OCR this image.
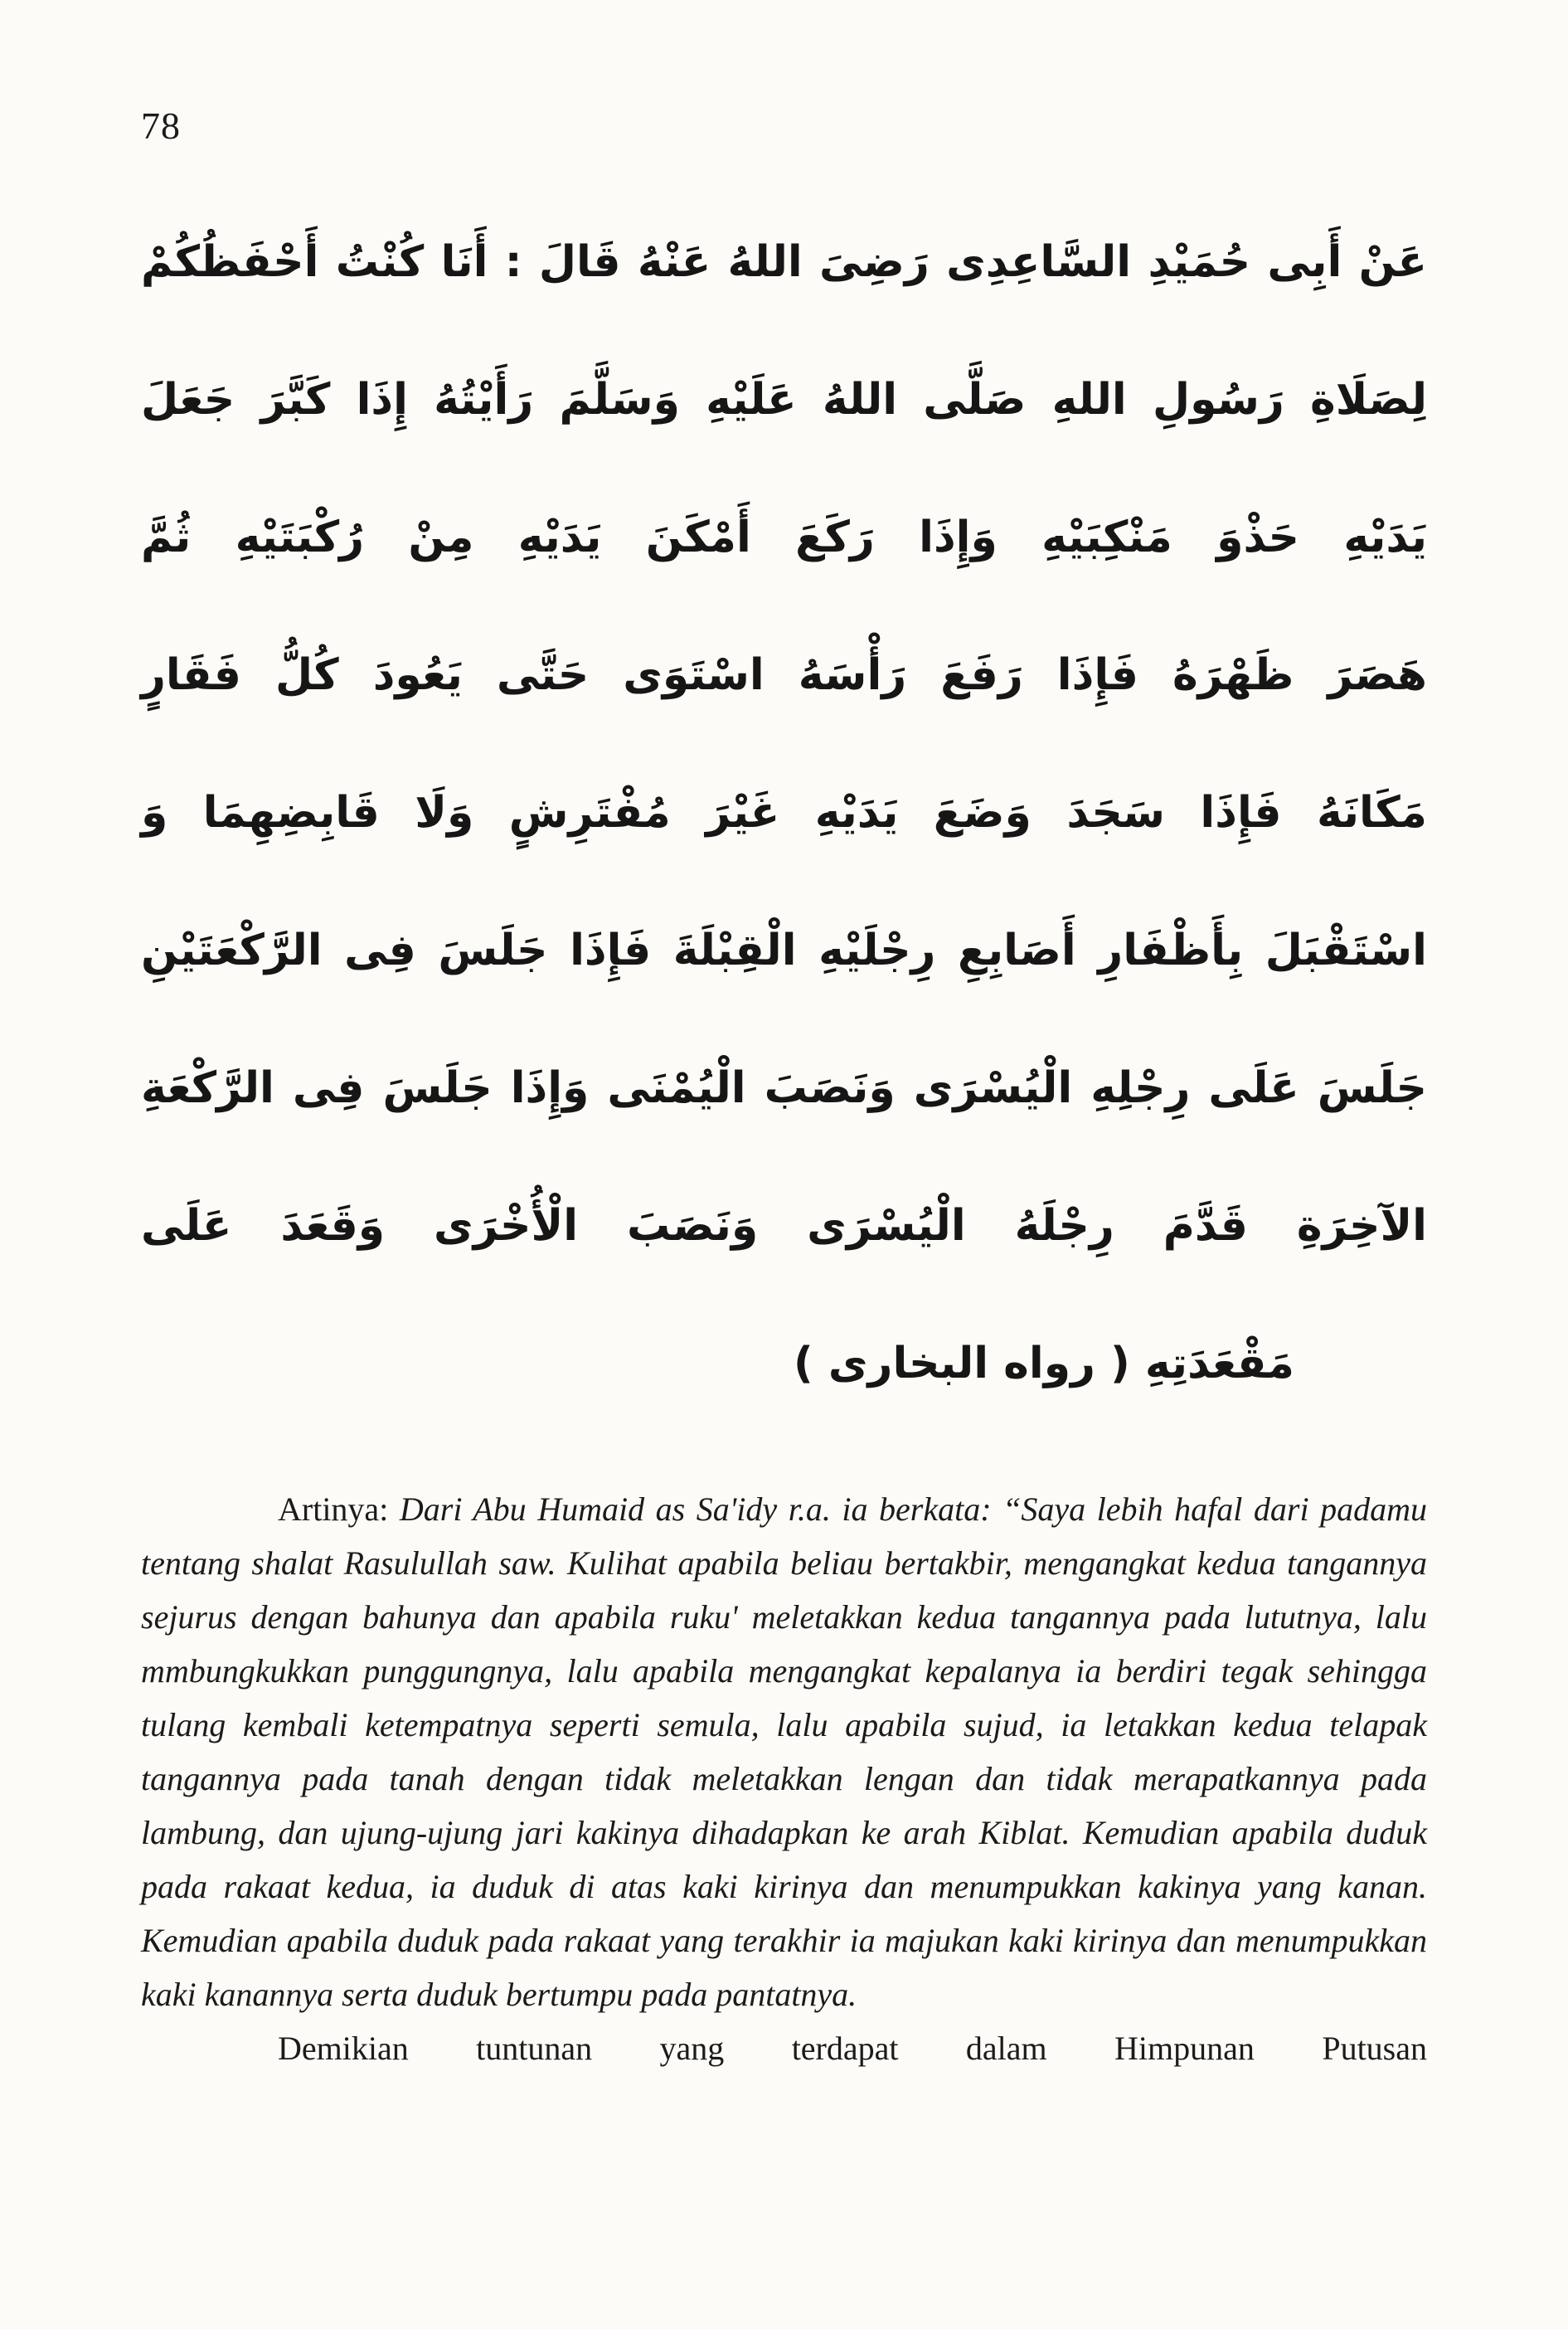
78
عَنْ أَبِى حُمَيْدِ السَّاعِدِى رَضِىَ اللهُ عَنْهُ قَالَ : أَنَا كُنْتُ أَحْفَظُكُمْ
لِصَلَاةِ رَسُولِ اللهِ صَلَّى اللهُ عَلَيْهِ وَسَلَّمَ رَأَيْتُهُ إِذَا كَبَّرَ جَعَلَ
يَدَيْهِ حَذْوَ مَنْكِبَيْهِ وَإِذَا رَكَعَ أَمْكَنَ يَدَيْهِ مِنْ رُكْبَتَيْهِ ثُمَّ
هَصَرَ ظَهْرَهُ فَإِذَا رَفَعَ رَأْسَهُ اسْتَوَى حَتَّى يَعُودَ كُلُّ فَقَارٍ
مَكَانَهُ فَإِذَا سَجَدَ وَضَعَ يَدَيْهِ غَيْرَ مُفْتَرِشٍ وَلَا قَابِضِهِمَا وَ
اسْتَقْبَلَ بِأَظْفَارِ أَصَابِعِ رِجْلَيْهِ الْقِبْلَةَ فَإِذَا جَلَسَ فِى الرَّكْعَتَيْنِ
جَلَسَ عَلَى رِجْلِهِ الْيُسْرَى وَنَصَبَ الْيُمْنَى وَإِذَا جَلَسَ فِى الرَّكْعَةِ
الآخِرَةِ قَدَّمَ رِجْلَهُ الْيُسْرَى وَنَصَبَ الْأُخْرَى وَقَعَدَ عَلَى
مَقْعَدَتِهِ ( رواه البخارى )

Artinya: Dari Abu Humaid as Sa'idy r.a. ia berkata: “Saya lebih hafal dari padamu tentang shalat Rasulullah saw. Kulihat apabila beliau bertakbir, mengangkat kedua tangannya sejurus dengan bahunya dan apabila ruku' meletakkan kedua tangannya pada lututnya, lalu mmbungkukkan punggungnya, lalu apabila mengangkat kepalanya ia berdiri tegak sehingga tulang kembali ketempatnya seperti semula, lalu apabila sujud, ia letakkan kedua telapak tangannya pada tanah dengan tidak meletakkan lengan dan tidak merapatkannya pada lambung, dan ujung-ujung jari kakinya dihadapkan ke arah Kiblat. Kemudian apabila duduk pada rakaat kedua, ia duduk di atas kaki kirinya dan menumpukkan kakinya yang kanan. Kemudian apabila duduk pada rakaat yang terakhir ia majukan kaki kirinya dan menumpukkan kaki kanannya serta duduk bertumpu pada pantatnya.

Demikian tuntunan yang terdapat dalam Himpunan Putusan
